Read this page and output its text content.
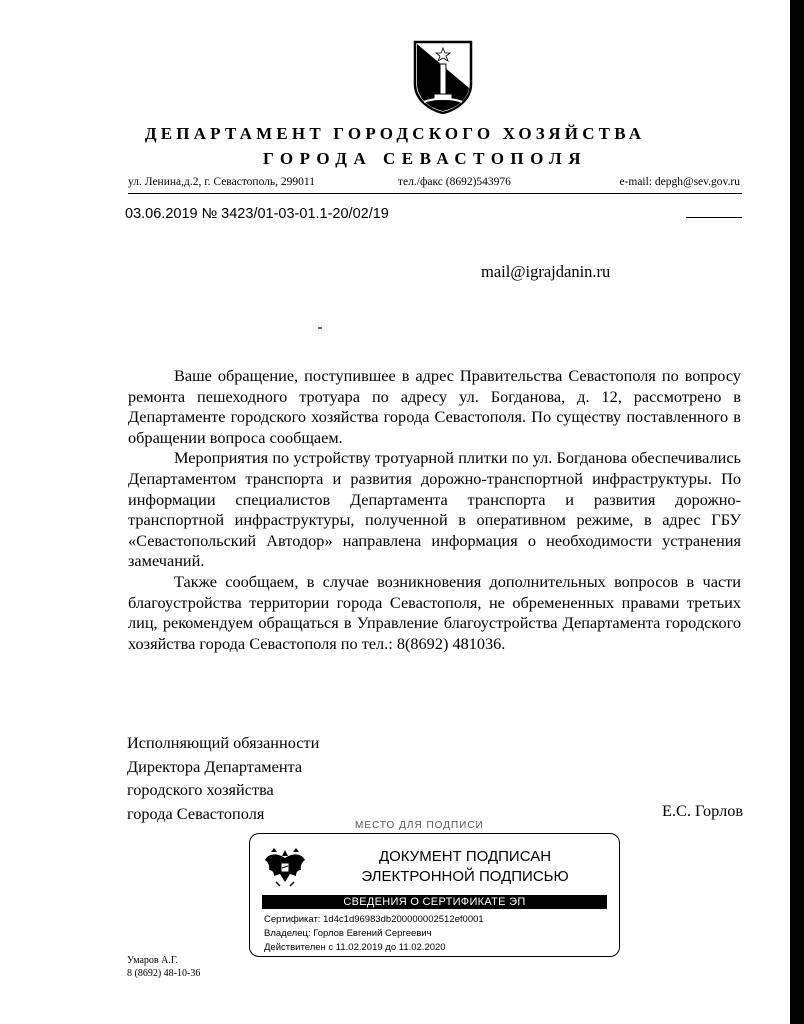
ДЕПАРТАМЕНТ ГОРОДСКОГО ХОЗЯЙСТВА
ГОРОДА СЕВАСТОПОЛЯ
ул. Ленина,д.2, г. Севастополь, 299011	тел./факс (8692)543976	e-mail: depgh@sev.gov.ru
03.06.2019 № 3423/01-03-01.1-20/02/19
mail@igrajdanin.ru

Ваше обращение, поступившее в адрес Правительства Севастополя по вопросу ремонта пешеходного тротуара по адресу ул. Богданова, д. 12, рассмотрено в Департаменте городского хозяйства города Севастополя. По существу поставленного в обращении вопроса сообщаем.

Мероприятия по устройству тротуарной плитки по ул. Богданова обеспечивались Департаментом транспорта и развития дорожно-транспортной инфраструктуры. По информации специалистов Департамента транспорта и развития дорожно-транспортной инфраструктуры, полученной в оперативном режиме, в адрес ГБУ «Севастопольский Автодор» направлена информация о необходимости устранения замечаний.

Также сообщаем, в случае возникновения дополнительных вопросов в части благоустройства территории города Севастополя, не обремененных правами третьих лиц, рекомендуем обращаться в Управление благоустройства Департамента городского хозяйства города Севастополя по тел.: 8(8692) 481036.

Исполняющий обязанности
Директора Департамента
городского хозяйства
города Севастополя	Е.С. Горлов
МЕСТО ДЛЯ ПОДПИСИ
ДОКУМЕНТ ПОДПИСАН
ЭЛЕКТРОННОЙ ПОДПИСЬЮ
СВЕДЕНИЯ О СЕРТИФИКАТЕ ЭП
Сертификат: 1d4c1d96983db200000002512ef0001
Владелец: Горлов Евгений Сергеевич
Действителен с 11.02.2019 до 11.02.2020
Умаров А.Г.
8 (8692) 48-10-36
